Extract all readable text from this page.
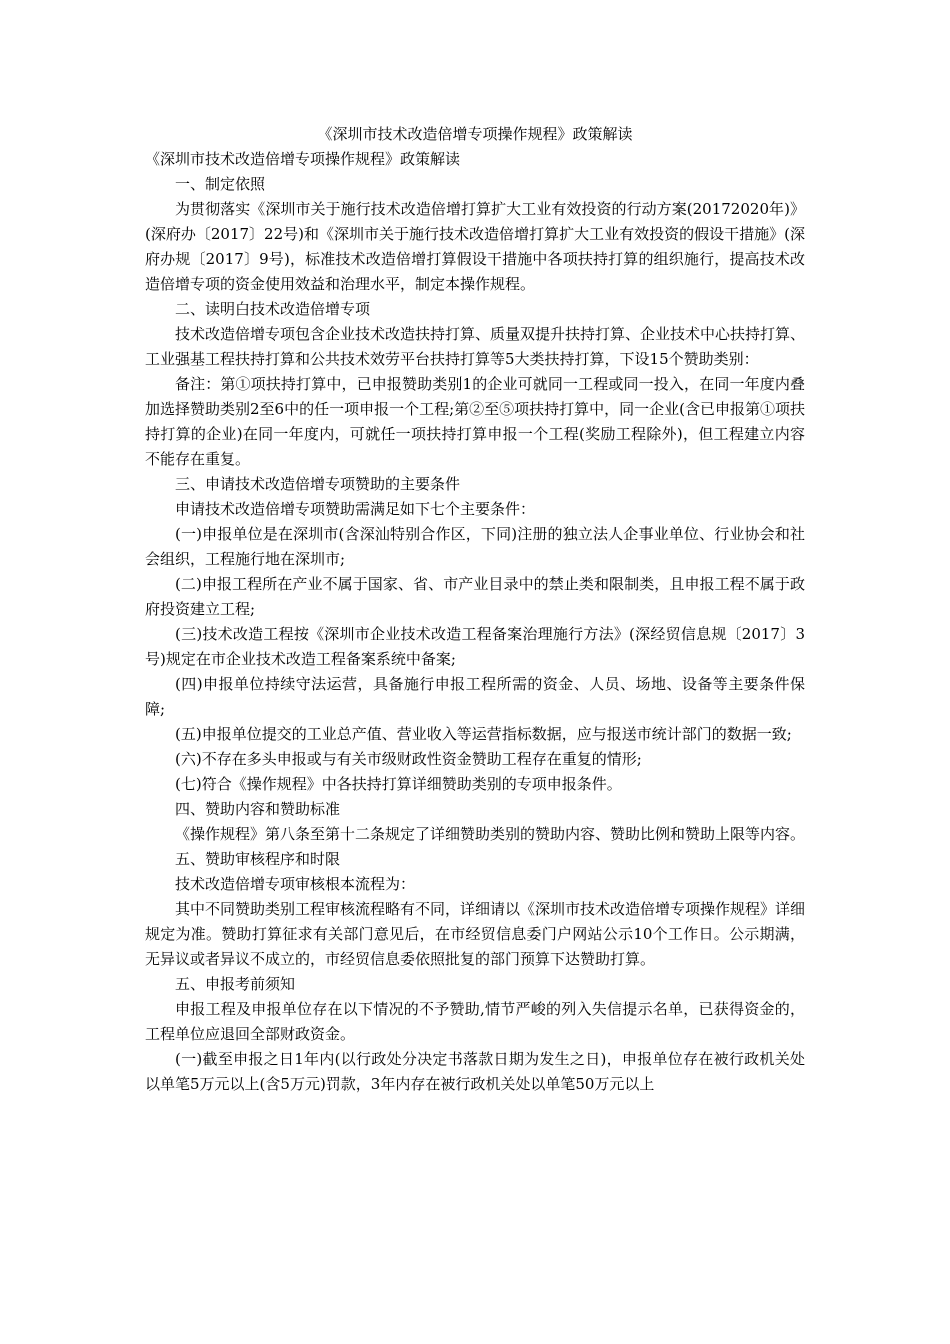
《深圳市技术改造倍增专项操作规程》政策解读

《深圳市技术改造倍增专项操作规程》政策解读

一、制定依照

为贯彻落实《深圳市关于施行技术改造倍增打算扩大工业有效投资的行动方案(20172020年)》(深府办〔2017〕22号)和《深圳市关于施行技术改造倍增打算扩大工业有效投资的假设干措施》(深府办规〔2017〕9号)，标准技术改造倍增打算假设干措施中各项扶持打算的组织施行，提高技术改造倍增专项的资金使用效益和治理水平，制定本操作规程。

二、读明白技术改造倍增专项

技术改造倍增专项包含企业技术改造扶持打算、质量双提升扶持打算、企业技术中心扶持打算、工业强基工程扶持打算和公共技术效劳平台扶持打算等5大类扶持打算，下设15个赞助类别：

备注：第①项扶持打算中，已申报赞助类别1的企业可就同一工程或同一投入，在同一年度内叠加选择赞助类别2至6中的任一项申报一个工程;第②至⑤项扶持打算中，同一企业(含已申报第①项扶持打算的企业)在同一年度内，可就任一项扶持打算申报一个工程(奖励工程除外)，但工程建立内容不能存在重复。

三、申请技术改造倍增专项赞助的主要条件

申请技术改造倍增专项赞助需满足如下七个主要条件：

(一)申报单位是在深圳市(含深汕特别合作区，下同)注册的独立法人企事业单位、行业协会和社会组织，工程施行地在深圳市;

(二)申报工程所在产业不属于国家、省、市产业目录中的禁止类和限制类，且申报工程不属于政府投资建立工程;

(三)技术改造工程按《深圳市企业技术改造工程备案治理施行方法》(深经贸信息规〔2017〕3号)规定在市企业技术改造工程备案系统中备案;

(四)申报单位持续守法运营，具备施行申报工程所需的资金、人员、场地、设备等主要条件保障;

(五)申报单位提交的工业总产值、营业收入等运营指标数据，应与报送市统计部门的数据一致;

(六)不存在多头申报或与有关市级财政性资金赞助工程存在重复的情形;

(七)符合《操作规程》中各扶持打算详细赞助类别的专项申报条件。

四、赞助内容和赞助标准

《操作规程》第八条至第十二条规定了详细赞助类别的赞助内容、赞助比例和赞助上限等内容。

五、赞助审核程序和时限

技术改造倍增专项审核根本流程为：

其中不同赞助类别工程审核流程略有不同，详细请以《深圳市技术改造倍增专项操作规程》详细规定为准。赞助打算征求有关部门意见后，在市经贸信息委门户网站公示10个工作日。公示期满，无异议或者异议不成立的，市经贸信息委依照批复的部门预算下达赞助打算。

五、申报考前须知

申报工程及申报单位存在以下情况的不予赞助,情节严峻的列入失信提示名单，已获得资金的，工程单位应退回全部财政资金。

(一)截至申报之日1年内(以行政处分决定书落款日期为发生之日)，申报单位存在被行政机关处以单笔5万元以上(含5万元)罚款，3年内存在被行政机关处以单笔50万元以上
